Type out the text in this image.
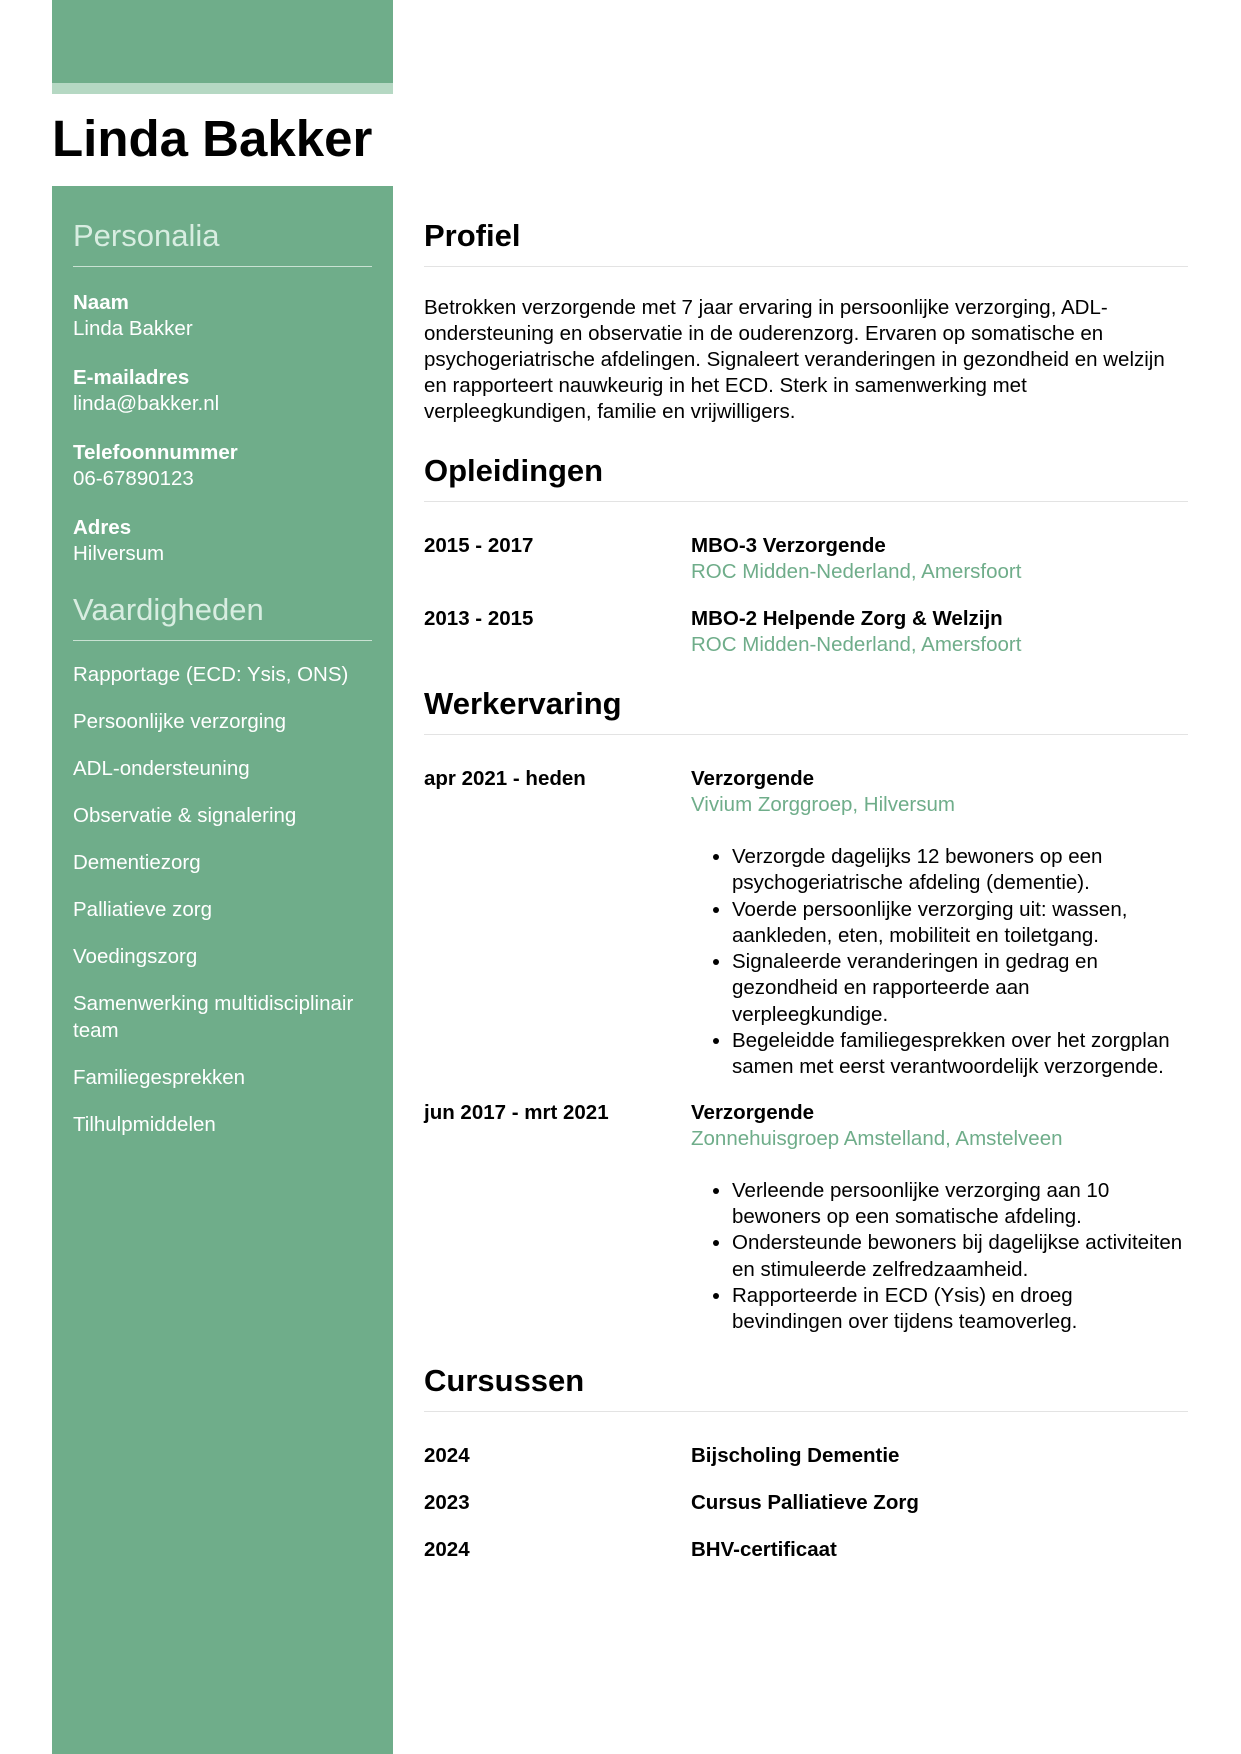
Linda Bakker
Personalia
Naam
Linda Bakker
E-mailadres
linda@bakker.nl
Telefoonnummer
06-67890123
Adres
Hilversum
Vaardigheden
Rapportage (ECD: Ysis, ONS)
Persoonlijke verzorging
ADL-ondersteuning
Observatie & signalering
Dementiezorg
Palliatieve zorg
Voedingszorg
Samenwerking multidisciplinair team
Familiegesprekken
Tilhulpmiddelen
Profiel
Betrokken verzorgende met 7 jaar ervaring in persoonlijke verzorging, ADL-ondersteuning en observatie in de ouderenzorg. Ervaren op somatische en psychogeriatrische afdelingen. Signaleert veranderingen in gezondheid en welzijn en rapporteert nauwkeurig in het ECD. Sterk in samenwerking met verpleegkundigen, familie en vrijwilligers.
Opleidingen
2015 - 2017	MBO-3 Verzorgende
ROC Midden-Nederland, Amersfoort
2013 - 2015	MBO-2 Helpende Zorg & Welzijn
ROC Midden-Nederland, Amersfoort
Werkervaring
apr 2021 - heden	Verzorgende
Vivium Zorggroep, Hilversum
• Verzorgde dagelijks 12 bewoners op een psychogeriatrische afdeling (dementie).
• Voerde persoonlijke verzorging uit: wassen, aankleden, eten, mobiliteit en toiletgang.
• Signaleerde veranderingen in gedrag en gezondheid en rapporteerde aan verpleegkundige.
• Begeleidde familiegesprekken over het zorgplan samen met eerst verantwoordelijk verzorgende.
jun 2017 - mrt 2021	Verzorgende
Zonnehuisgroep Amstelland, Amstelveen
• Verleende persoonlijke verzorging aan 10 bewoners op een somatische afdeling.
• Ondersteunde bewoners bij dagelijkse activiteiten en stimuleerde zelfredzaamheid.
• Rapporteerde in ECD (Ysis) en droeg bevindingen over tijdens teamoverleg.
Cursussen
2024	Bijscholing Dementie
2023	Cursus Palliatieve Zorg
2024	BHV-certificaat
